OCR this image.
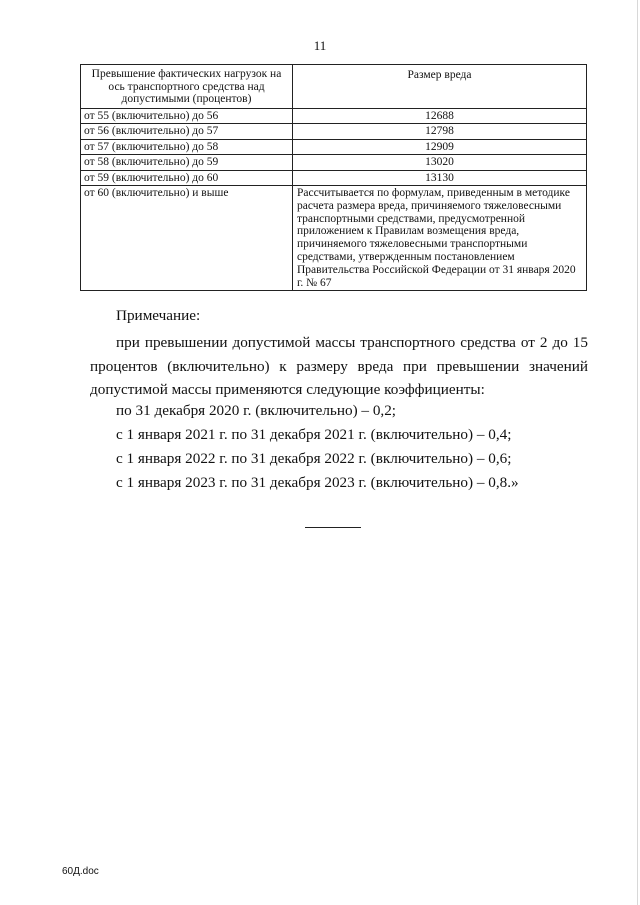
11
Превышение фактических нагрузок на ось транспортного средства над допустимыми (процентов)	Размер вреда
от 55 (включительно) до 56	12688
от 56 (включительно) до 57	12798
от 57 (включительно) до 58	12909
от 58 (включительно) до 59	13020
от 59 (включительно) до 60	13130
от 60 (включительно) и выше	Рассчитывается по формулам, приведенным в методике расчета размера вреда, причиняемого тяжеловесными транспортными средствами, предусмотренной приложением к Правилам возмещения вреда, причиняемого тяжеловесными транспортными средствами, утвержденным постановлением Правительства Российской Федерации от 31 января 2020 г. № 67
Примечание:
при превышении допустимой массы транспортного средства от 2 до 15 процентов (включительно) к размеру вреда при превышении значений допустимой массы применяются следующие коэффициенты:
по 31 декабря 2020 г. (включительно) – 0,2;
с 1 января 2021 г. по 31 декабря 2021 г. (включительно) – 0,4;
с 1 января 2022 г. по 31 декабря 2022 г. (включительно) – 0,6;
с 1 января 2023 г. по 31 декабря 2023 г. (включительно) – 0,8.»
60Д.doc
